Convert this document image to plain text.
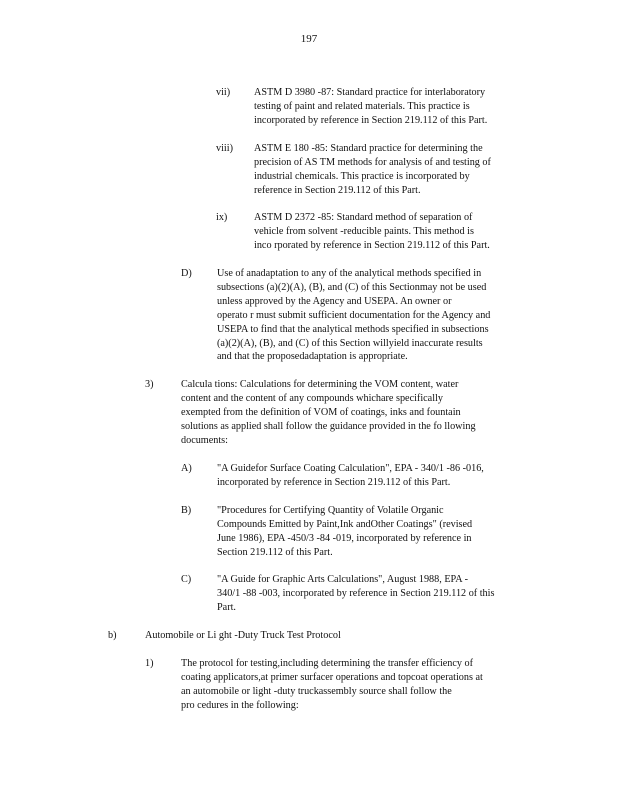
197
vii) ASTM D 3980 -87: Standard practice for interlaboratory
testing of paint and related materials. This practice is
incorporated by reference in Section 219.112 of this Part.
viii) ASTM E 180 -85: Standard practice for determining the
precision of AS TM methods for analysis of and testing of
industrial chemicals. This practice is incorporated by
reference in Section 219.112 of this Part.
ix)	ASTM D 2372 -85: Standard method of separation of
vehicle from solvent -reducible paints. This method is
inco rporated by reference in Section 219.112 of this Part.
D) Use of anadaptation to any of the analytical methods specified in
subsections (a)(2)(A), (B), and (C) of this Sectionmay not be used
unless approved by the Agency and USEPA. An owner or
operato r must submit sufficient documentation for the Agency and
USEPA to find that the analytical methods specified in subsections
(a)(2)(A), (B), and (C) of this Section willyield inaccurate results
and that the proposedadaptation is appropriate.
3)	Calcula tions: Calculations for determining the VOM content, water
content and the content of any compounds whichare specifically
exempted from the definition of VOM of coatings, inks and fountain
solutions as applied shall follow the guidance provided in the fo llowing
documents:
A) "A Guidefor Surface Coating Calculation", EPA - 340/1 -86 -016,
incorporated by reference in Section 219.112 of this Part.
B)	"Procedures for Certifying Quantity of Volatile Organic
Compounds Emitted by Paint,Ink andOther Coatings" (revised
June 1986), EPA -450/3 -84 -019, incorporated by reference in
Section 219.112 of this Part.
C)	"A Guide for Graphic Arts Calculations", August 1988, EPA -
340/1 -88 -003, incorporated by reference in Section 219.112 of this
Part.
b)	Automobile or Li ght -Duty Truck Test Protocol
1)	The protocol for testing,including determining the transfer efficiency of
coating applicators,at primer surfacer operations and topcoat operations at
an automobile or light -duty truckassembly source shall follow the
pro cedures in the following:
